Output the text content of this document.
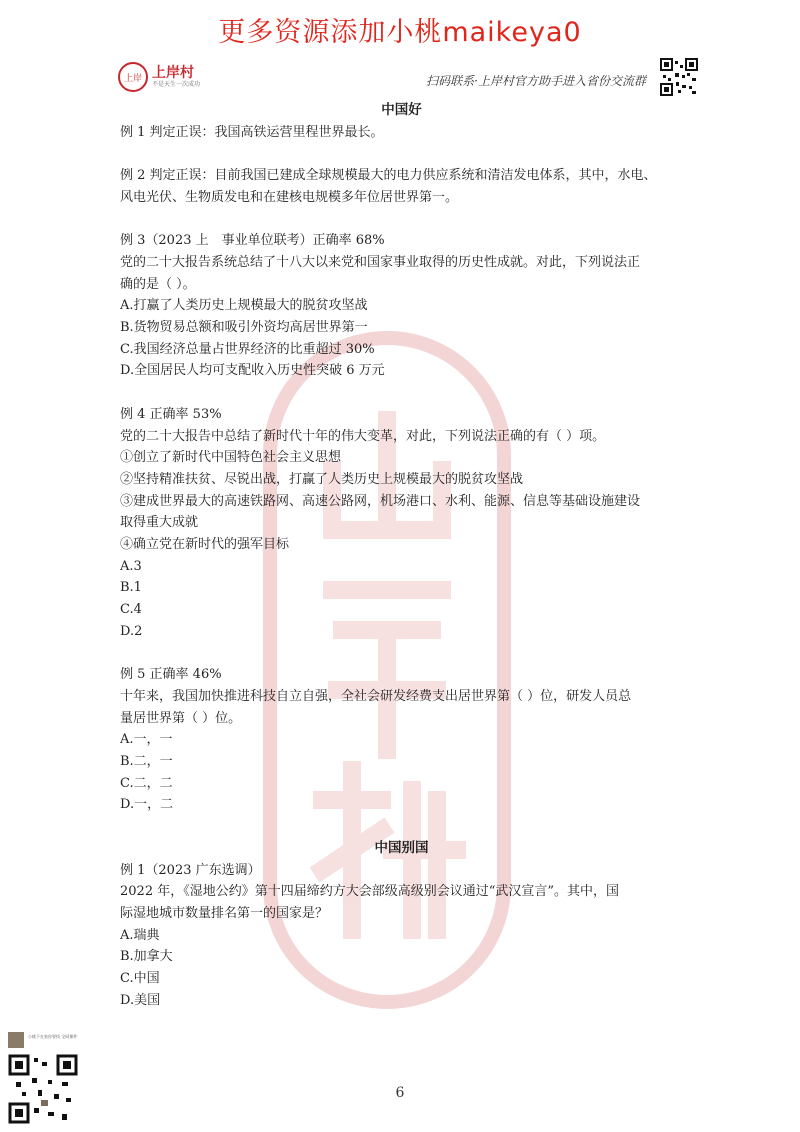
更多资源添加小桃maikeya0
上岸 上岸村
不是天生一次成功	扫码联系·上岸村官方助手进入省份交流群

中国好

例 1 判定正误：我国高铁运营里程世界最长。

例 2 判定正误：目前我国已建成全球规模最大的电力供应系统和清洁发电体系，其中，水电、

风电光伏、生物质发电和在建核电规模多年位居世界第一。

例 3（2023 上　事业单位联考）正确率 68%

党的二十大报告系统总结了十八大以来党和国家事业取得的历史性成就。对此，下列说法正

确的是（ ）。

A.打赢了人类历史上规模最大的脱贫攻坚战

B.货物贸易总额和吸引外资均高居世界第一

C.我国经济总量占世界经济的比重超过 30%

D.全国居民人均可支配收入历史性突破 6 万元

例 4 正确率 53%

党的二十大报告中总结了新时代十年的伟大变革，对此，下列说法正确的有（ ）项。

①创立了新时代中国特色社会主义思想

②坚持精准扶贫、尽锐出战，打赢了人类历史上规模最大的脱贫攻坚战

③建成世界最大的高速铁路网、高速公路网，机场港口、水利、能源、信息等基础设施建设

取得重大成就

④确立党在新时代的强军目标

A.3

B.1

C.4

D.2

例 5 正确率 46%

十年来，我国加快推进科技自立自强，全社会研发经费支出居世界第（ ）位，研发人员总

量居世界第（ ）位。

A.一，一

B.二，一

C.二，二

D.一，二

中国别国

例 1（2023 广东选调）

2022 年，《湿地公约》第十四届缔约方大会部级高级别会议通过“武汉宣言”。其中，国

际湿地城市数量排名第一的国家是？

A.瑞典

B.加拿大

C.中国

D.美国

小桃不在家你要找 全网课件
6
